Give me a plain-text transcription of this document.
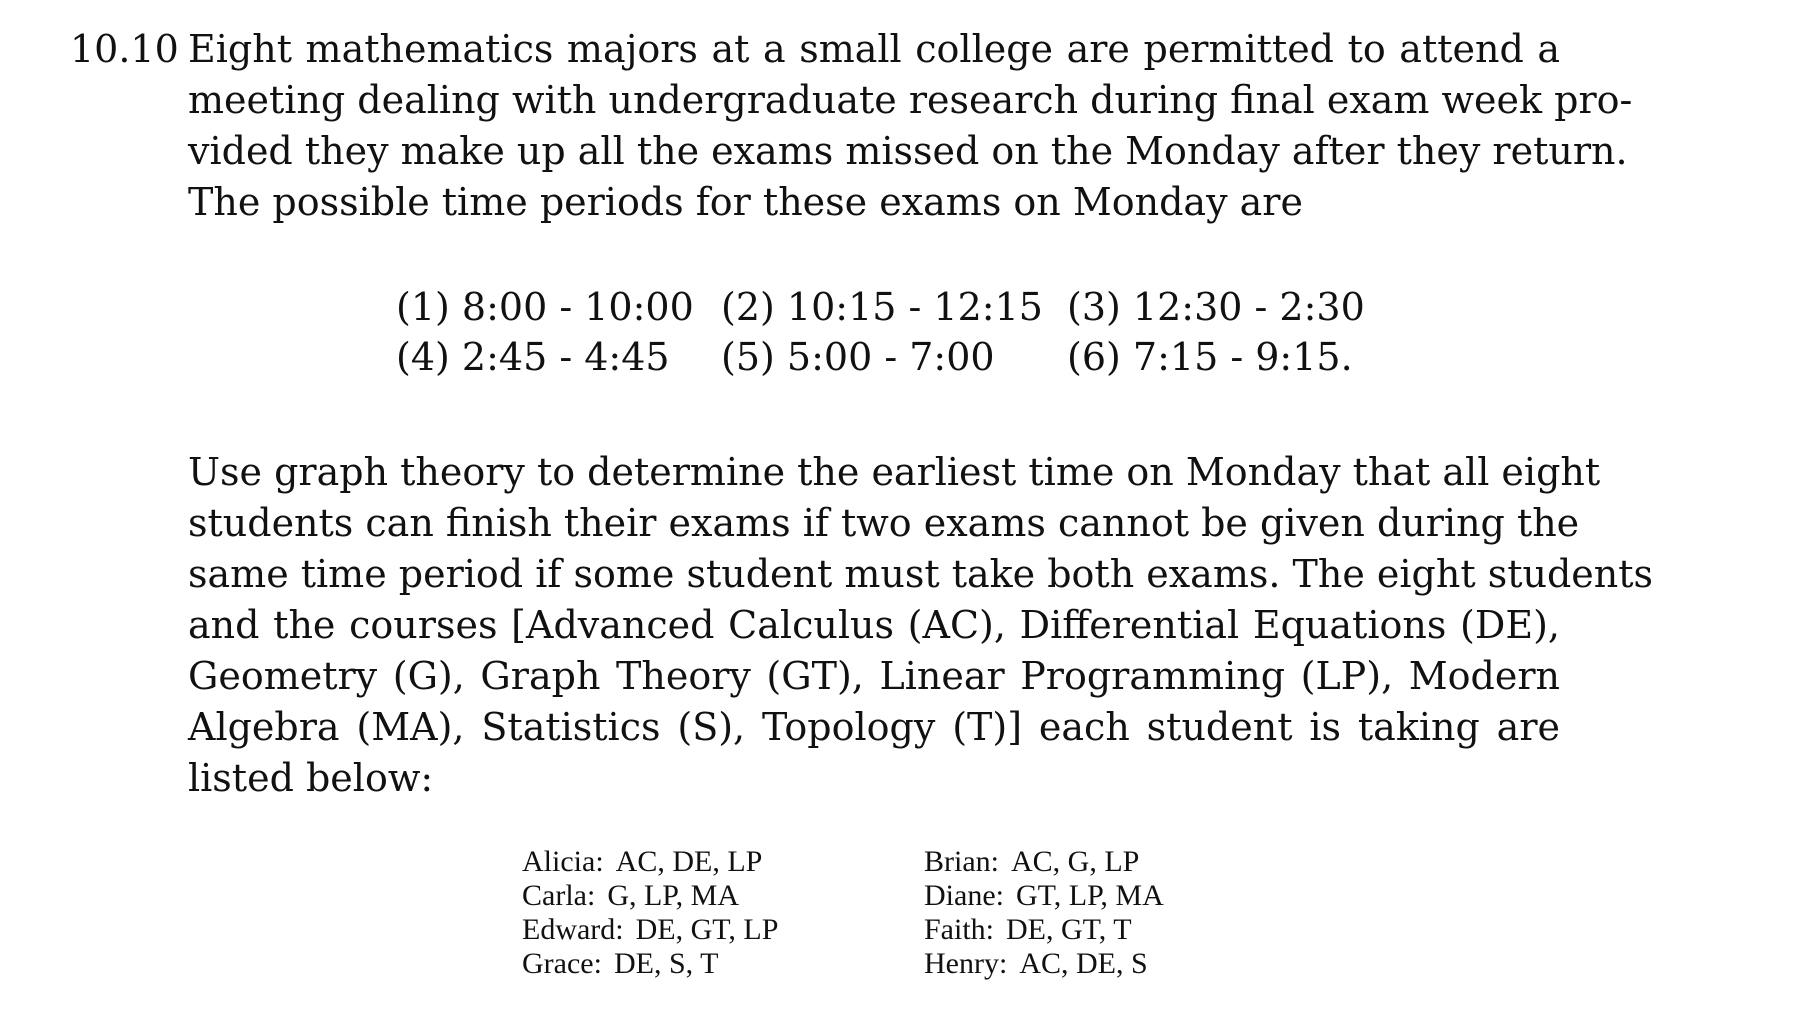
10.10 Eight mathematics majors at a small college are permitted to attend a
meeting dealing with undergraduate research during final exam week pro-
vided they make up all the exams missed on the Monday after they return.
The possible time periods for these exams on Monday are
(1) 8:00 - 10:00 (2) 10:15 - 12:15 (3) 12:30 - 2:30
(4) 2:45 - 4:45	(5) 5:00 - 7:00	(6) 7:15 - 9:15.
Use graph theory to determine the earliest time on Monday that all eight
students can finish their exams if two exams cannot be given during the
same time period if some student must take both exams. The eight students
and the courses [Advanced Calculus (AC), Differential Equations (DE),
Geometry (G), Graph Theory (GT), Linear Programming (LP), Modern
Algebra (MA), Statistics (S), Topology (T)] each student is taking are
listed below:
Alicia : AC, DE, LP	Brian : AC, G, LP
Carla : G, LP, MA	Diane : GT, LP, MA
Edward : DE, GT, LP	Faith : DE, GT, T
Grace : DE, S, T	Henry : AC, DE, S
